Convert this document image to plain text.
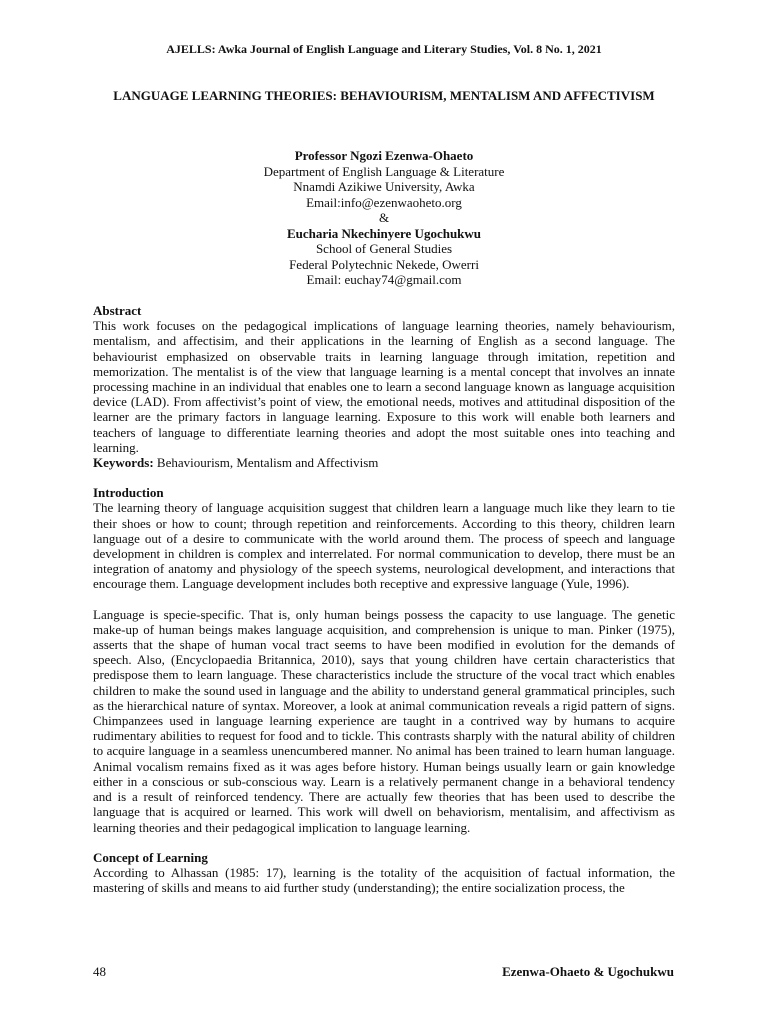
AJELLS: Awka Journal of English Language and Literary Studies, Vol. 8 No. 1, 2021
LANGUAGE LEARNING THEORIES: BEHAVIOURISM, MENTALISM AND AFFECTIVISM
Professor Ngozi Ezenwa-Ohaeto
Department of English Language & Literature
Nnamdi Azikiwe University, Awka
Email:info@ezenwaoheto.org
&
Eucharia Nkechinyere Ugochukwu
School of General Studies
Federal Polytechnic Nekede, Owerri
Email: euchay74@gmail.com
Abstract

This work focuses on the pedagogical implications of language learning theories, namely behaviourism, mentalism, and affectisim, and their applications in the learning of English as a second language. The behaviourist emphasized on observable traits in learning language through imitation, repetition and memorization. The mentalist is of the view that language learning is a mental concept that involves an innate processing machine in an individual that enables one to learn a second language known as language acquisition device (LAD). From affectivist’s point of view, the emotional needs, motives and attitudinal disposition of the learner are the primary factors in language learning. Exposure to this work will enable both learners and teachers of language to differentiate learning theories and adopt the most suitable ones into teaching and learning.

Keywords: Behaviourism, Mentalism and Affectivism

Introduction

The learning theory of language acquisition suggest that children learn a language much like they learn to tie their shoes or how to count; through repetition and reinforcements. According to this theory, children learn language out of a desire to communicate with the world around them. The process of speech and language development in children is complex and interrelated. For normal communication to develop, there must be an integration of anatomy and physiology of the speech systems, neurological development, and interactions that encourage them. Language development includes both receptive and expressive language (Yule, 1996).

Language is specie-specific. That is, only human beings possess the capacity to use language. The genetic make-up of human beings makes language acquisition, and comprehension is unique to man. Pinker (1975), asserts that the shape of human vocal tract seems to have been modified in evolution for the demands of speech. Also, (Encyclopaedia Britannica, 2010), says that young children have certain characteristics that predispose them to learn language. These characteristics include the structure of the vocal tract which enables children to make the sound used in language and the ability to understand general grammatical principles, such as the hierarchical nature of syntax. Moreover, a look at animal communication reveals a rigid pattern of signs. Chimpanzees used in language learning experience are taught in a contrived way by humans to acquire rudimentary abilities to request for food and to tickle. This contrasts sharply with the natural ability of children to acquire language in a seamless unencumbered manner. No animal has been trained to learn human language. Animal vocalism remains fixed as it was ages before history. Human beings usually learn or gain knowledge either in a conscious or sub-conscious way. Learn is a relatively permanent change in a behavioral tendency and is a result of reinforced tendency. There are actually few theories that has been used to describe the language that is acquired or learned. This work will dwell on behaviorism, mentalisim, and affectivism as learning theories and their pedagogical implication to language learning.

Concept of Learning

According to Alhassan (1985: 17), learning is the totality of the acquisition of factual information, the mastering of skills and means to aid further study (understanding); the entire socialization process, the

48	Ezenwa-Ohaeto & Ugochukwu
